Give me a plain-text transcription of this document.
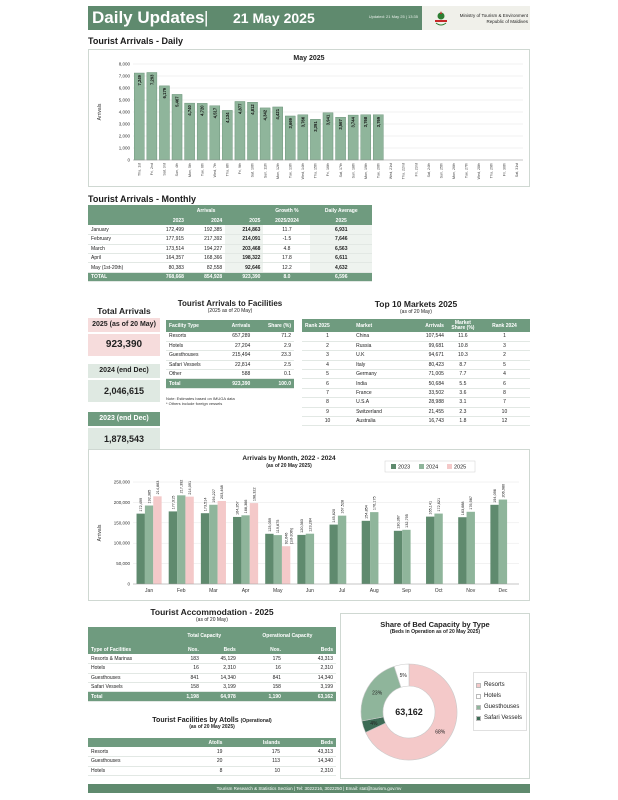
Daily Updates | 21 May 2025	Updated: 21 May 25 | 13:35	Ministry of Tourism & Environment
Republic of Maldives
Tourist Arrivals - Daily
May 2025
0
1,000
2,000
3,000
4,000
5,000
6,000
7,000
8,000
Arrivals
7,249
Thu, 1st
7,293
Fri, 2nd
6,179
Sat, 3rd
5,467
Sun, 4th
4,740
Mon, 5th
4,720
Tue, 6th
4,517
Wed, 7th
4,134
Thu, 8th
4,877
Fri, 9th
4,812
Sat, 10th
4,342
Sun, 11th
4,421
Mon, 12th
3,669
Tue, 13th
3,766
Wed, 14th
3,391
Thu, 15th
3,941
Fri, 16th
3,567
Sat, 17th
3,744
Sun, 18th
3,768
Mon, 19th
3,769
Tue, 20th Wed, 21st Thu, 22nd Fri, 23rd Sat, 24th Sun, 25th Mon, 26th Tue, 27th Wed, 28th Thu, 29th Fri, 30th Sat, 31st
Tourist Arrivals - Monthly
	Arrivals			Growth %	Daily Average
	2023	2024	2025	2025/2024	2025
January	172,499	192,385	214,863	11.7	6,931
February	177,915	217,392	214,091	-1.5	7,646
March	173,514	194,227	203,468	4.8	6,563
April	164,357	168,366	198,322	17.8	6,611
May (1st-20th)	80,383	82,558	92,646	12.2	4,632
TOTAL	768,668	854,928	923,390	8.0	6,596
Total Arrivals
2025 (as of 20 May)
923,390
2024 (end Dec)
2,046,615
2023 (end Dec)
1,878,543
Tourist Arrivals to Facilities
(2025 as of 20 May)
Facility Type	Arrivals	Share (%)
Resorts	657,289	71.2
Hotels	27,204	2.9
Guesthouses	215,494	23.3
Safari Vessels	22,814	2.5
Other	588	0.1
Total	923,390	100.0
Note: Estimates based on IMUGA data
* Others include foreign vessels
Top 10 Markets 2025
(as of 20 May)
Rank 2025	Market	Arrivals	Market Share (%)	Rank 2024
1	China	107,544	11.6	1
2	Russia	99,681	10.8	3
3	U.K	94,671	10.3	2
4	Italy	80,423	8.7	5
5	Germany	71,005	7.7	4
6	India	50,684	5.5	6
7	France	33,502	3.6	8
8	U.S.A	28,988	3.1	7
9	Switzerland	21,455	2.3	10
10	Australia	16,743	1.8	12
Arrivals by Month, 2022 - 2024
(as of 20 May 2025)	2023	2024	2025
0
50,000
100,000
150,000
200,000
250,000
Arrivals
172,499
192,385
214,863
Jan
177,915
217,392 214,091
Feb
173,514
194,227 203,468
Mar
164,357 168,366
198,322
Apr
123,059 119,875
92,646 (1st-20th)
May
120,363 123,284
Jun
145,620
167,528
Jul
154,854
176,175
Aug
130,367 132,795
Sep
165,141 172,621
Oct
163,688 176,987
Nov
194,096 206,980
Dec
Tourist Accommodation - 2025
(as of 20 May)
	Total Capacity		Operational Capacity	
Type of Facilities	Nos.	Beds	Nos.	Beds
Resorts & Marinas	183	45,129	175	43,313
Hotels	16	2,310	16	2,310
Guesthouses	841	14,340	841	14,340
Safari Vessels	158	3,199	158	3,199
Total	1,198	64,978	1,190	63,162
Tourist Facilities by Atolls (Operational)
(as of 20 May 2025)
	Atolls	Islands	Beds
Resorts	19	175	43,313
Guesthouses	20	113	14,340
Hotels	8	10	2,310
Share of Bed Capacity by Type
(Beds in Operation as of 20 May 2025)
68%
4%
23%
5%
63,162
Resorts
Hotels
Guesthouses
Safari Vessels
Tourism Research & Statistics Section | Tel: 3022216, 3022250 | Email: stat@tourism.gov.mv
